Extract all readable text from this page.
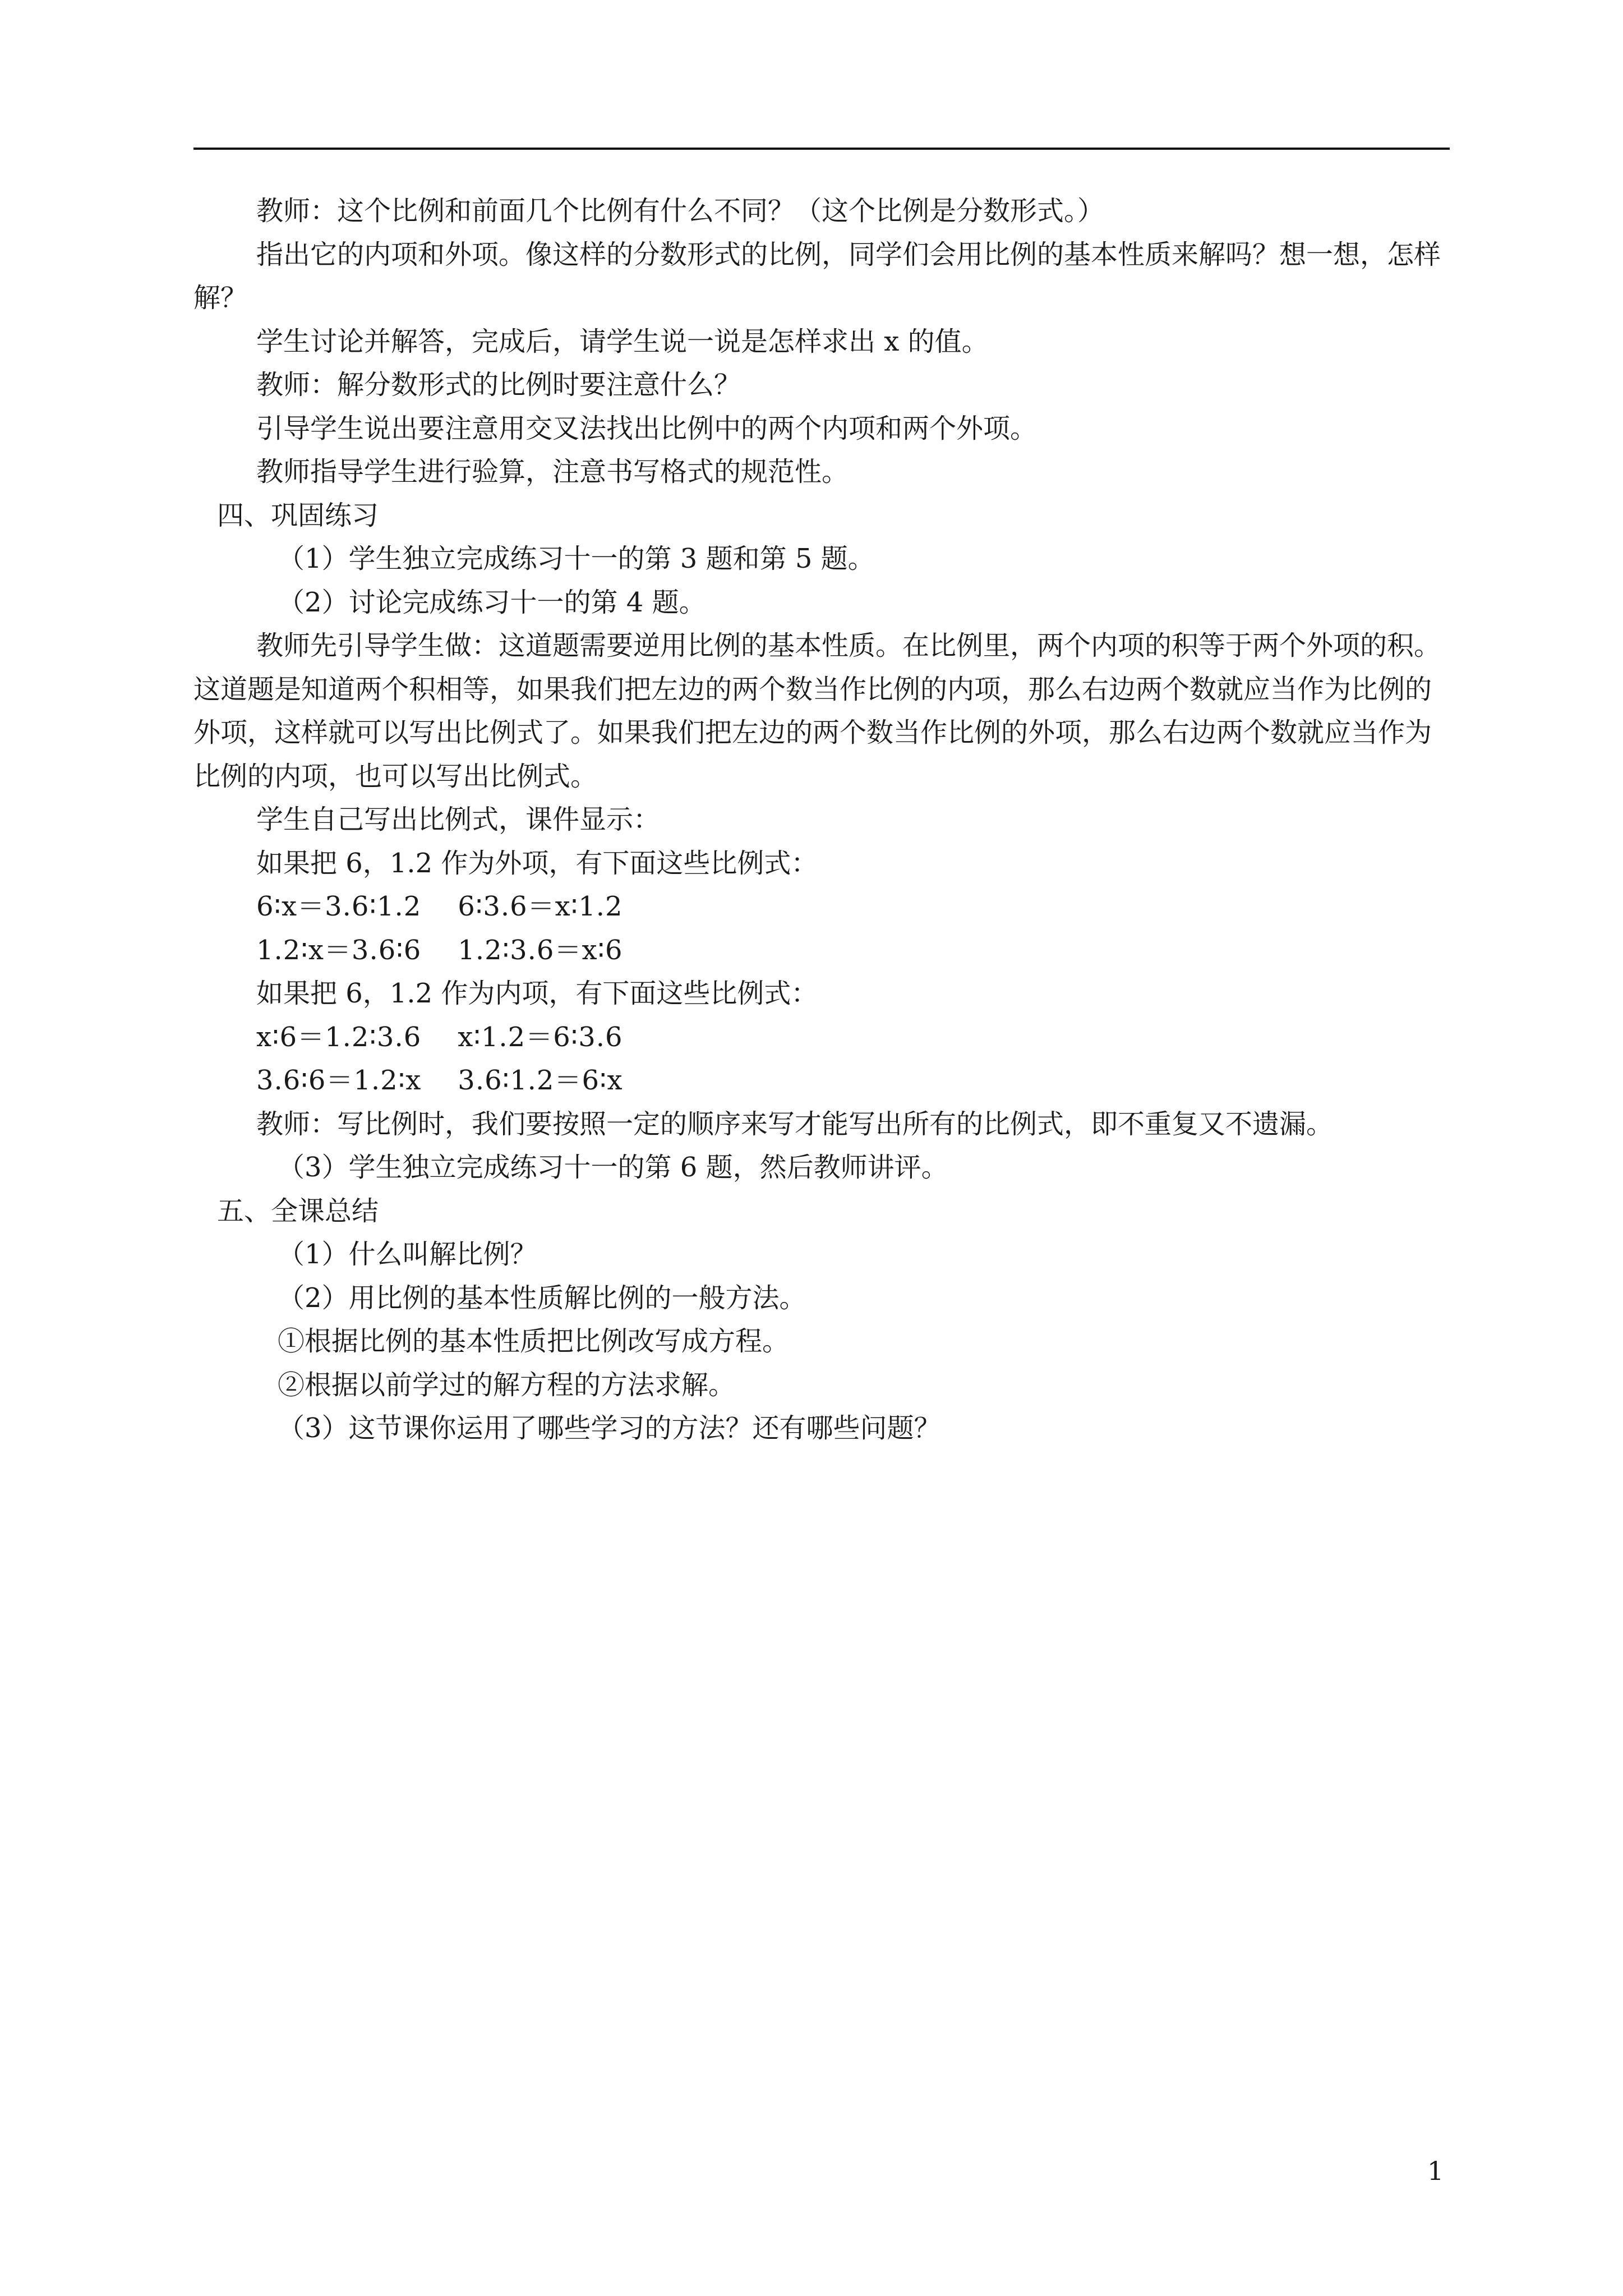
教师：这个比例和前面几个比例有什么不同？（这个比例是分数形式。）

指出它的内项和外项。像这样的分数形式的比例，同学们会用比例的基本性质来解吗？想一想，怎样解？

学生讨论并解答，完成后，请学生说一说是怎样求出 x 的值。

教师：解分数形式的比例时要注意什么？

引导学生说出要注意用交叉法找出比例中的两个内项和两个外项。

教师指导学生进行验算，注意书写格式的规范性。

四、巩固练习

（1）学生独立完成练习十一的第 3 题和第 5 题。

（2）讨论完成练习十一的第 4 题。

教师先引导学生做：这道题需要逆用比例的基本性质。在比例里，两个内项的积等于两个外项的积。这道题是知道两个积相等，如果我们把左边的两个数当作比例的内项，那么右边两个数就应当作为比例的外项，这样就可以写出比例式了。如果我们把左边的两个数当作比例的外项，那么右边两个数就应当作为比例的内项，也可以写出比例式。

学生自己写出比例式，课件显示：

如果把 6，1.2 作为外项，有下面这些比例式：

6∶x＝3.6∶1.2    6∶3.6＝x∶1.2

1.2∶x＝3.6∶6    1.2∶3.6＝x∶6

如果把 6，1.2 作为内项，有下面这些比例式：

x∶6＝1.2∶3.6    x∶1.2＝6∶3.6

3.6∶6＝1.2∶x    3.6∶1.2＝6∶x

教师：写比例时，我们要按照一定的顺序来写才能写出所有的比例式，即不重复又不遗漏。

（3）学生独立完成练习十一的第 6 题，然后教师讲评。

五、全课总结

（1）什么叫解比例？

（2）用比例的基本性质解比例的一般方法。

①根据比例的基本性质把比例改写成方程。

②根据以前学过的解方程的方法求解。

（3）这节课你运用了哪些学习的方法？还有哪些问题？

1
